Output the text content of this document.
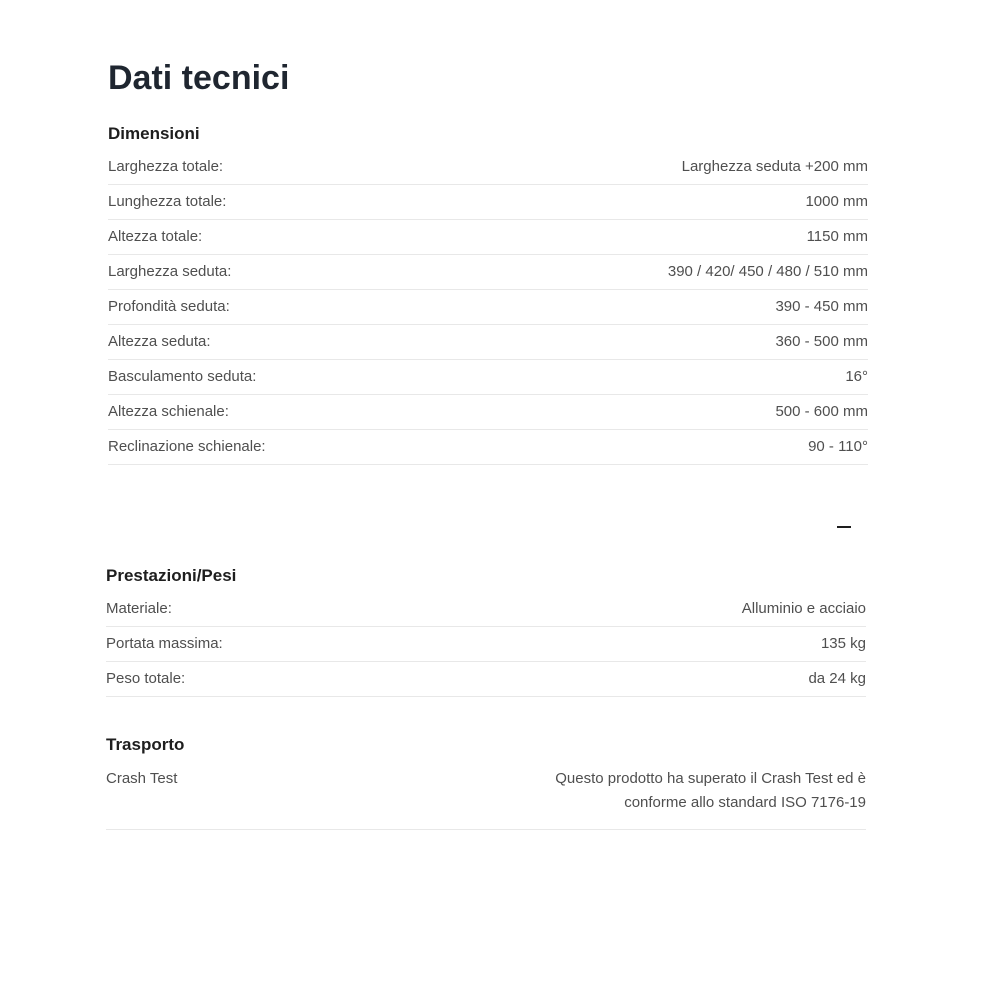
Dati tecnici
Dimensioni
Larghezza totale:	Larghezza seduta +200 mm
Lunghezza totale:	1000 mm
Altezza totale:	1150 mm
Larghezza seduta:	390 / 420/ 450 / 480 / 510 mm
Profondità seduta:	390 - 450 mm
Altezza seduta:	360 - 500 mm
Basculamento seduta:	16°
Altezza schienale:	500 - 600 mm
Reclinazione schienale:	90 - 110°
Prestazioni/Pesi
Materiale:	Alluminio e acciaio
Portata massima:	135 kg
Peso totale:	da 24 kg
Trasporto
Crash Test	Questo prodotto ha superato il Crash Test ed è conforme allo standard ISO 7176-19
